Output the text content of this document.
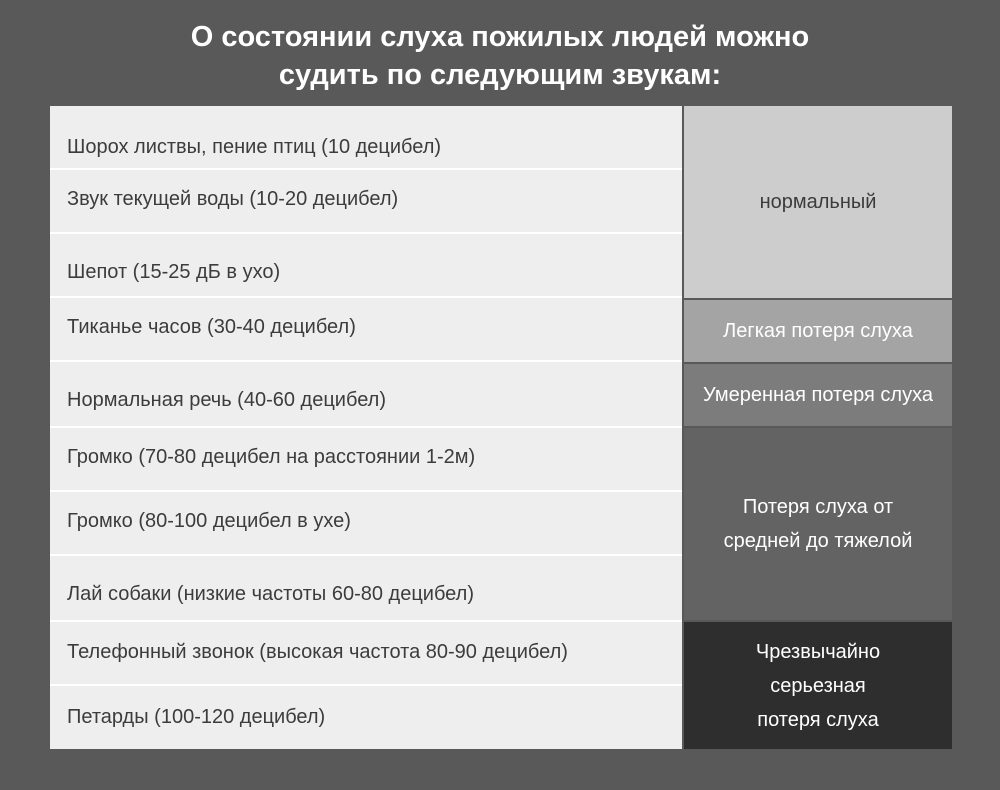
О состоянии слуха пожилых людей можно
судить по следующим звукам:
Шорох листвы, пение птиц (10 децибел)
Звук текущей воды (10-20 децибел)
Шепот (15-25 дБ в ухо)
Тиканье часов (30-40 децибел)
Нормальная речь (40-60 децибел)
Громко (70-80 децибел на расстоянии 1-2м)
Громко (80-100 децибел в ухе)
Лай собаки (низкие частоты 60-80 децибел)
Телефонный звонок (высокая частота 80-90 децибел)
Петарды (100-120 децибел)
нормальный
Легкая потеря слуха
Умеренная потеря слуха
Потеря слуха от
средней до тяжелой
Чрезвычайно
серьезная
потеря слуха
